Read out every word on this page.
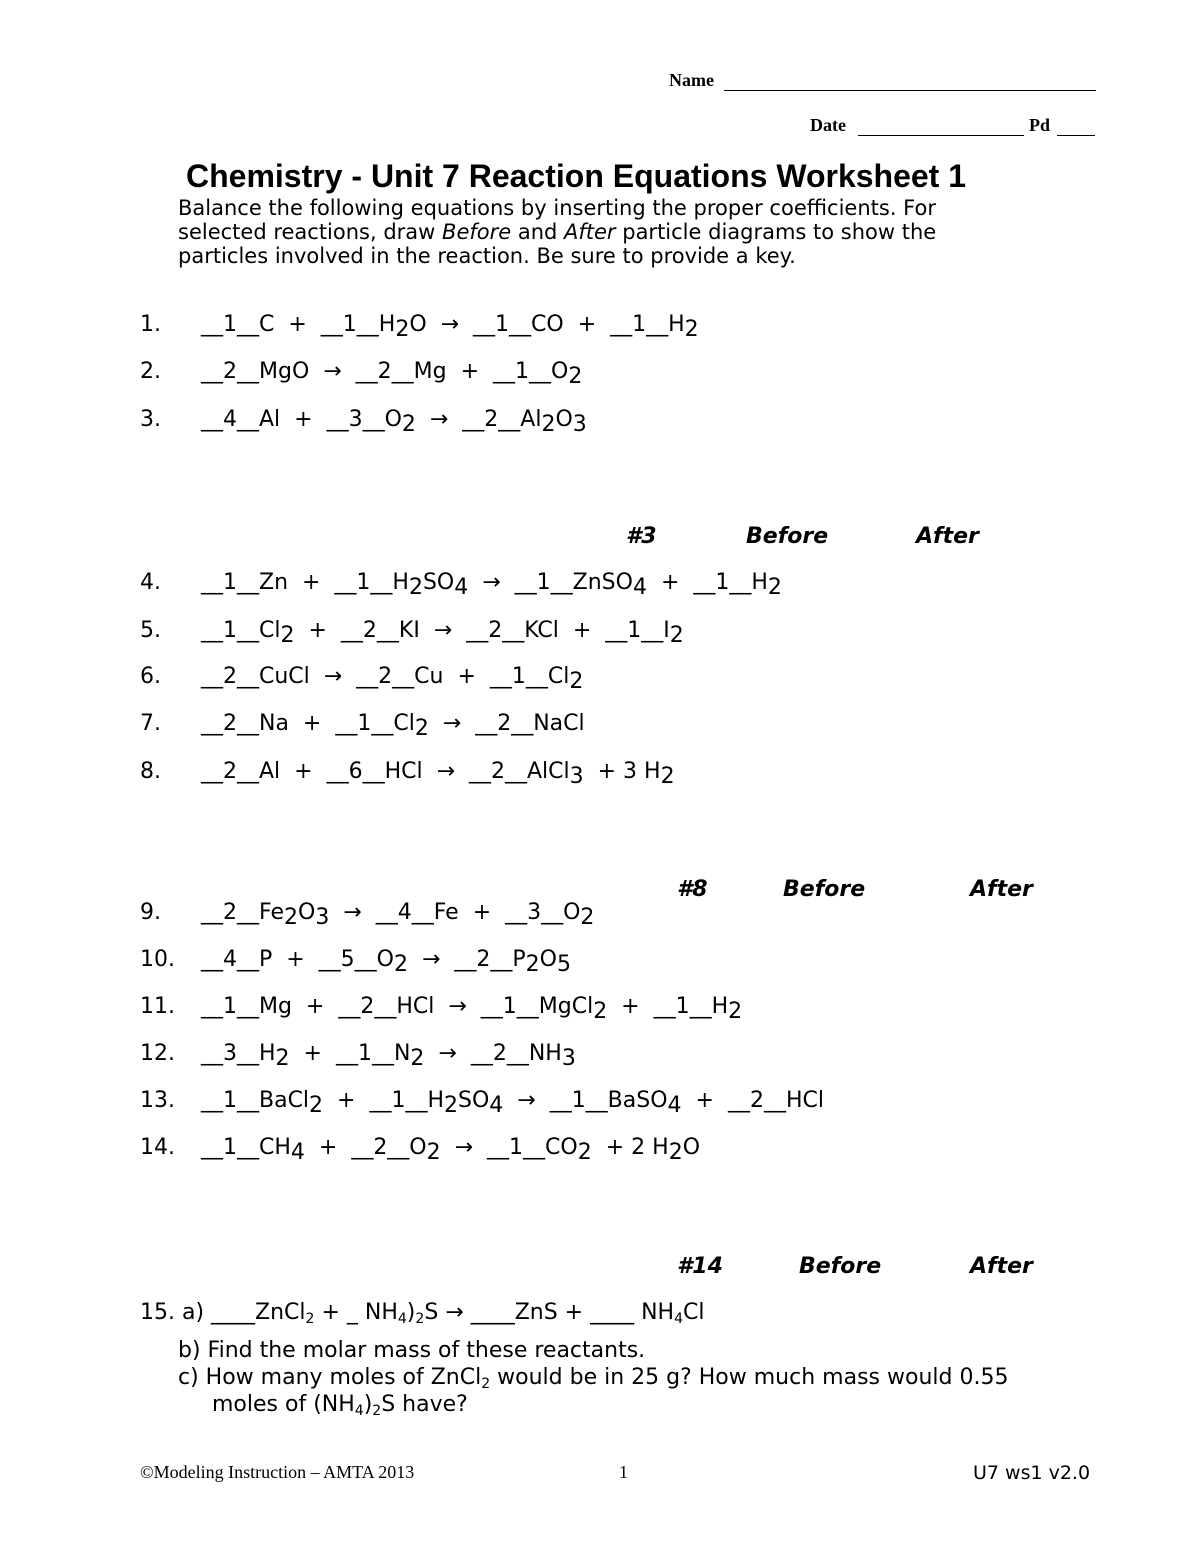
Name
Date	Pd
Chemistry - Unit 7 Reaction Equations Worksheet 1
Balance the following equations by inserting the proper coefficients. For
selected reactions, draw Before and After particle diagrams to show the
particles involved in the reaction. Be sure to provide a key.
1. __1__C  +  __1__H2O  →  __1__CO  +  __1__H2
2. __2__MgO  →  __2__Mg  +  __1__O2
3. __4__Al  +  __3__O2  →  __2__Al2O3
4. __1__Zn  +  __1__H2SO4  →  __1__ZnSO4  +  __1__H2
5. __1__Cl2  +  __2__KI  →  __2__KCl  +  __1__I2
6. __2__CuCl  →  __2__Cu  +  __1__Cl2
7. __2__Na  +  __1__Cl2  →  __2__NaCl
8. __2__Al  +  __6__HCl  →  __2__AlCl3  + 3 H2
9. __2__Fe2O3  →  __4__Fe  +  __3__O2
10. __4__P  +  __5__O2  →  __2__P2O5
11. __1__Mg  +  __2__HCl  →  __1__MgCl2  +  __1__H2
12. __3__H2  +  __1__N2  →  __2__NH3
13. __1__BaCl2  +  __1__H2SO4  →  __1__BaSO4  +  __2__HCl
14. __1__CH4  +  __2__O2  →  __1__CO2  + 2 H2O
#3	Before	After
#8	Before	After
#14	Before	After
15. a) ____ZnCl2 + _ NH4)2S → ____ZnS + ____ NH4Cl
b) Find the molar mass of these reactants.
c) How many moles of ZnCl2 would be in 25 g? How much mass would 0.55
moles of (NH4)2S have?
©Modeling Instruction – AMTA 2013	1	U7 ws1 v2.0
